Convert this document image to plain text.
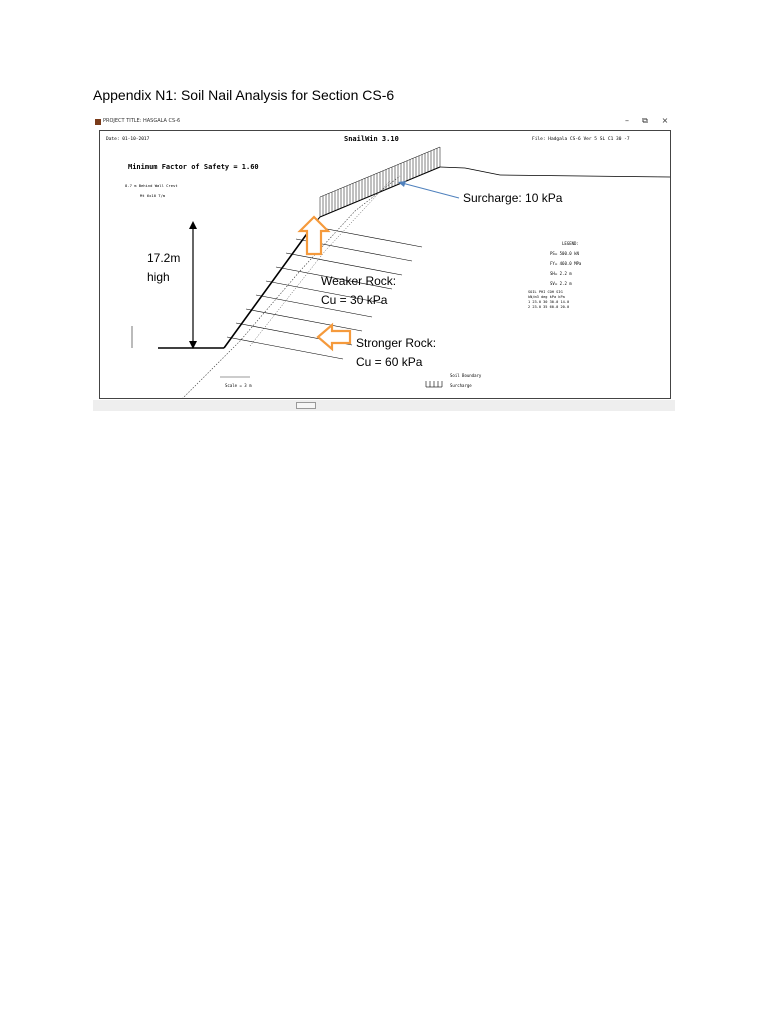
Appendix N1: Soil Nail Analysis for Section CS-6
PROJECT TITLE: HASGALA CS-6	–	⧉	×
Date: 01-10-2017	SnailWin 3.10	File: Hadgala CS-6 Ver 5 SL C1 30 -7
Minimum Factor of Safety = 1.60
8.7 m Behind Wall Crest
Mt 6x10 T/m
17.2m
high	Weaker Rock:
Cu = 30 kPa
Stronger Rock:
Cu = 60 kPa
Surcharge: 10 kPa
LEGEND:
PS= 500.0 kN
FY= 460.0 MPa
SH= 2.2 m
SV= 2.2 m
SOIL PHI COH SIG
kN/m3 deg kPa kPa
1 23.0 30 30.0 14.0
2 23.0 35 60.0 20.0
Scale = 3 m
Soil Boundary
Surcharge
